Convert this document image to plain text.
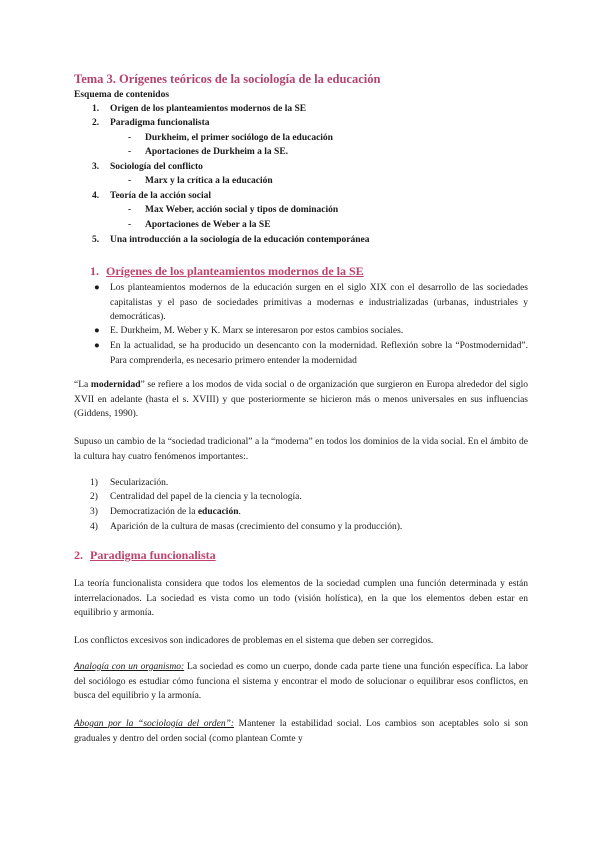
Tema 3. Orígenes teóricos de la sociología de la educación
Esquema de contenidos
1. Origen de los planteamientos modernos de la SE
2. Paradigma funcionalista
- Durkheim, el primer sociólogo de la educación
- Aportaciones de Durkheim a la SE.
3. Sociología del conflicto
- Marx y la crítica a la educación
4. Teoría de la acción social
- Max Weber, acción social y tipos de dominación
- Aportaciones de Weber a la SE
5. Una introducción a la sociología de la educación contemporánea
1. Orígenes de los planteamientos modernos de la SE
● Los planteamientos modernos de la educación surgen en el siglo XIX con el desarrollo de las sociedades capitalistas y el paso de sociedades primitivas a modernas e industrializadas (urbanas, industriales y democráticas).
● E. Durkheim, M. Weber y K. Marx se interesaron por estos cambios sociales.
● En la actualidad, se ha producido un desencanto con la modernidad. Reflexión sobre la “Postmodernidad”. Para comprenderla, es necesario primero entender la modernidad

“La modernidad” se refiere a los modos de vida social o de organización que surgieron en Europa alrededor del siglo XVII en adelante (hasta el s. XVIII) y que posteriormente se hicieron más o menos universales en sus influencias (Giddens, 1990).

Supuso un cambio de la “sociedad tradicional” a la “moderna” en todos los dominios de la vida social. En el ámbito de la cultura hay cuatro fenómenos importantes:.

1) Secularización.
2) Centralidad del papel de la ciencia y la tecnología.
3) Democratización de la educación.
4) Aparición de la cultura de masas (crecimiento del consumo y la producción).
2. Paradigma funcionalista

La teoría funcionalista considera que todos los elementos de la sociedad cumplen una función determinada y están interrelacionados. La sociedad es vista como un todo (visión holística), en la que los elementos deben estar en equilibrio y armonía.

Los conflictos excesivos son indicadores de problemas en el sistema que deben ser corregidos.

Analogía con un organismo: La sociedad es como un cuerpo, donde cada parte tiene una función específica. La labor del sociólogo es estudiar cómo funciona el sistema y encontrar el modo de solucionar o equilibrar esos conflictos, en busca del equilibrio y la armonía.

Abogan por la “sociología del orden”: Mantener la estabilidad social. Los cambios son aceptables solo si son graduales y dentro del orden social (como plantean Comte y
